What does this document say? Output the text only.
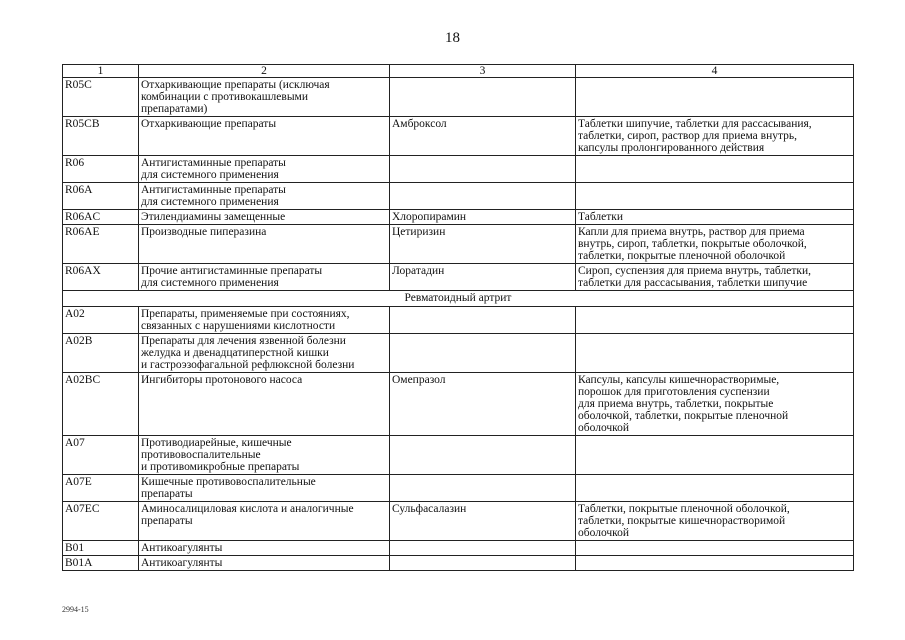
18
1	2	3	4
R05C	Отхаркивающие препараты (исключая
комбинации с противокашлевыми
препаратами)		
R05CB	Отхаркивающие препараты	Амброксол	Таблетки шипучие, таблетки для рассасывания,
таблетки, сироп, раствор для приема внутрь,
капсулы пролонгированного действия
R06	Антигистаминные препараты
для системного применения		
R06A	Антигистаминные препараты
для системного применения		
R06AC	Этилендиамины замещенные	Хлоропирамин	Таблетки
R06AE	Производные пиперазина	Цетиризин	Капли для приема внутрь, раствор для приема
внутрь, сироп, таблетки, покрытые оболочкой,
таблетки, покрытые пленочной оболочкой
R06AX	Прочие антигистаминные препараты
для системного применения	Лоратадин	Сироп, суспензия для приема внутрь, таблетки,
таблетки для рассасывания, таблетки шипучие
Ревматоидный артрит			
A02	Препараты, применяемые при состояниях,
связанных с нарушениями кислотности		
A02B	Препараты для лечения язвенной болезни
желудка и двенадцатиперстной кишки
и гастроэзофагальной рефлюксной болезни		
A02BC	Ингибиторы протонового насоса	Омепразол	Капсулы, капсулы кишечнорастворимые,
порошок для приготовления суспензии
для приема внутрь, таблетки, покрытые
оболочкой, таблетки, покрытые пленочной
оболочкой
A07	Противодиарейные, кишечные
противовоспалительные
и противомикробные препараты		
A07E	Кишечные противовоспалительные
препараты		
A07EC	Аминосалициловая кислота и аналогичные
препараты	Сульфасалазин	Таблетки, покрытые пленочной оболочкой,
таблетки, покрытые кишечнорастворимой
оболочкой
B01	Антикоагулянты		
B01A	Антикоагулянты		
2994-15
